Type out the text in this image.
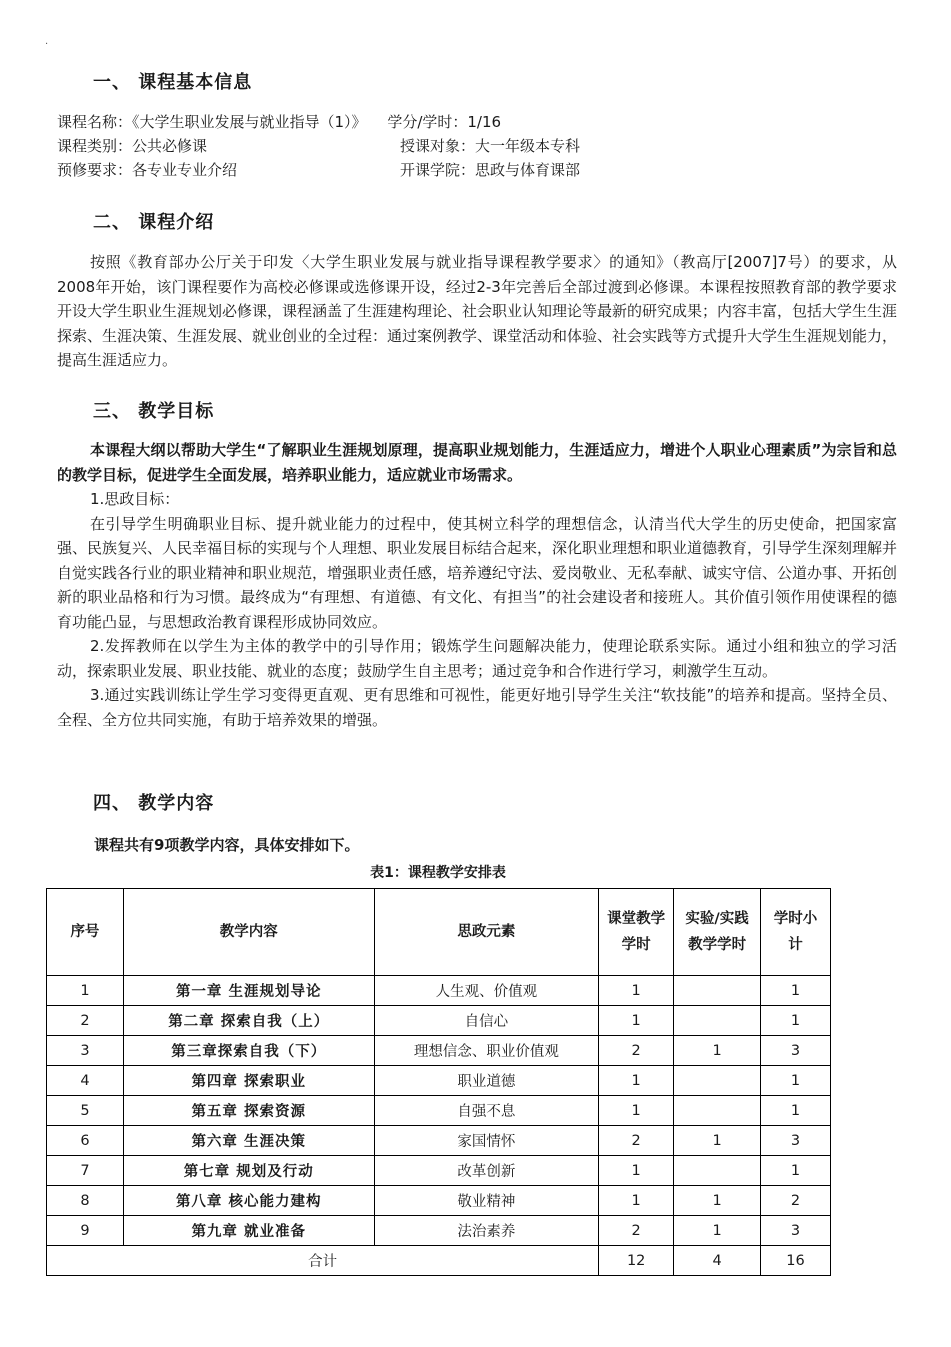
.
一、 课程基本信息
课程名称：《大学生职业发展与就业指导（1）》 学分/学时：1/16
课程类别：公共必修课	授课对象：大一年级本专科
预修要求：各专业专业介绍	开课学院：思政与体育课部
二、 课程介绍

按照《教育部办公厅关于印发〈大学生职业发展与就业指导课程教学要求〉的通知》（教高厅[2007]7号）的要求，从2008年开始，该门课程要作为高校必修课或选修课开设，经过2-3年完善后全部过渡到必修课。本课程按照教育部的教学要求开设大学生职业生涯规划必修课，课程涵盖了生涯建构理论、社会职业认知理论等最新的研究成果；内容丰富，包括大学生生涯探索、生涯决策、生涯发展、就业创业的全过程：通过案例教学、课堂活动和体验、社会实践等方式提升大学生生涯规划能力，提高生涯适应力。

三、 教学目标

本课程大纲以帮助大学生“了解职业生涯规划原理，提高职业规划能力，生涯适应力，增进个人职业心理素质”为宗旨和总的教学目标，促进学生全面发展，培养职业能力，适应就业市场需求。

1.思政目标：

在引导学生明确职业目标、提升就业能力的过程中，使其树立科学的理想信念，认清当代大学生的历史使命，把国家富强、民族复兴、人民幸福目标的实现与个人理想、职业发展目标结合起来，深化职业理想和职业道德教育，引导学生深刻理解并自觉实践各行业的职业精神和职业规范，增强职业责任感，培养遵纪守法、爱岗敬业、无私奉献、诚实守信、公道办事、开拓创新的职业品格和行为习惯。最终成为“有理想、有道德、有文化、有担当”的社会建设者和接班人。其价值引领作用使课程的德育功能凸显，与思想政治教育课程形成协同效应。

2.发挥教师在以学生为主体的教学中的引导作用；锻炼学生问题解决能力，使理论联系实际。通过小组和独立的学习活动，探索职业发展、职业技能、就业的态度；鼓励学生自主思考；通过竞争和合作进行学习，刺激学生互动。

3.通过实践训练让学生学习变得更直观、更有思维和可视性，能更好地引导学生关注“软技能”的培养和提高。坚持全员、全程、全方位共同实施，有助于培养效果的增强。

四、 教学内容

课程共有9项教学内容，具体安排如下。

表1：课程教学安排表
序号	教学内容	思政元素	课堂教学学时	实验/实践教学学时	学时小计
1	第一章 生涯规划导论	人生观、价值观	1		1
2	第二章 探索自我（上）	自信心	1		1
3	第三章探索自我（下）	理想信念、职业价值观	2	1	3
4	第四章 探索职业	职业道德	1		1
5	第五章 探索资源	自强不息	1		1
6	第六章 生涯决策	家国情怀	2	1	3
7	第七章 规划及行动	改革创新	1		1
8	第八章 核心能力建构	敬业精神	1	1	2
9	第九章 就业准备	法治素养	2	1	3
合计			12	4	16
